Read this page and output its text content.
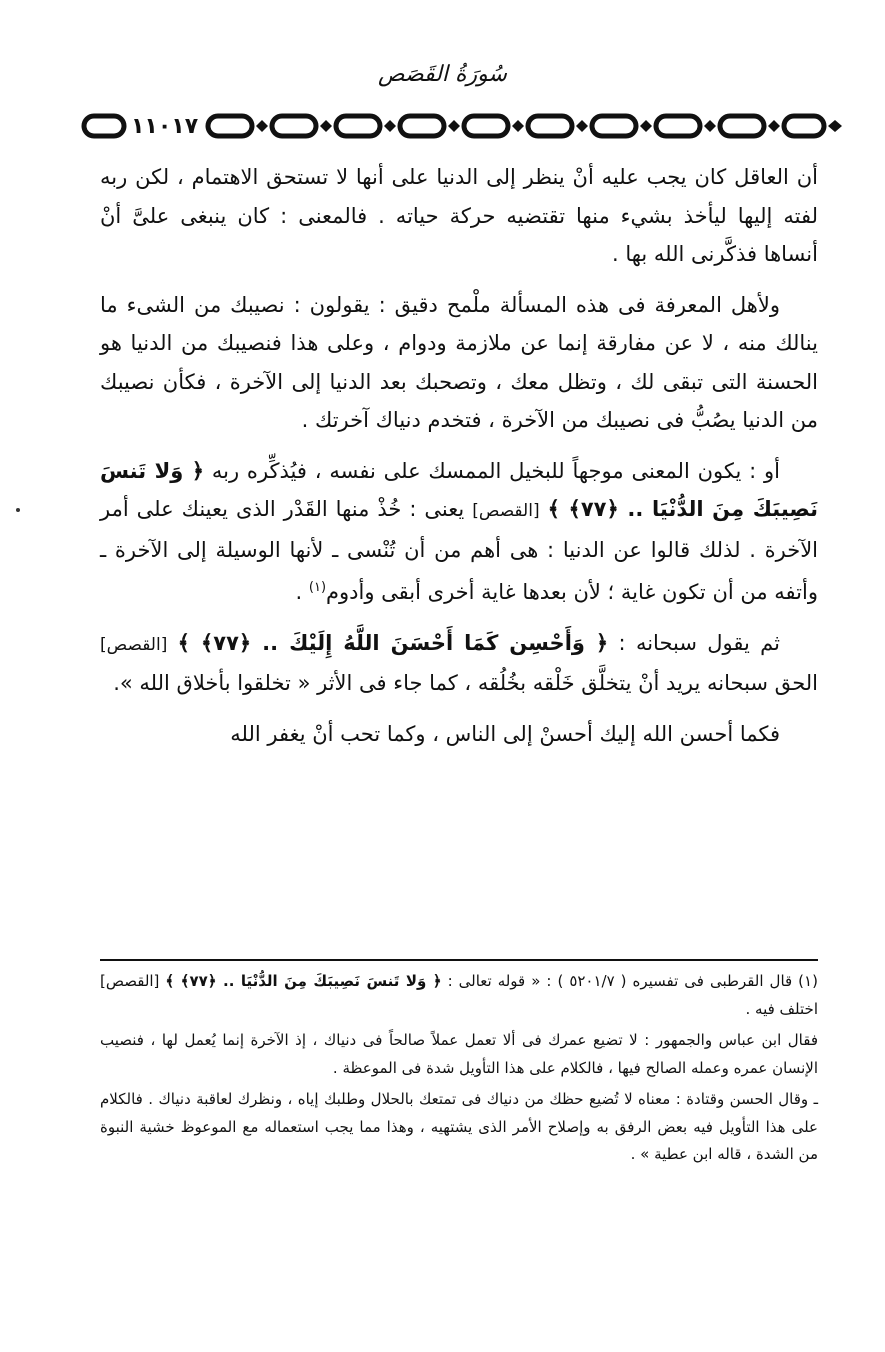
سُورَةُ القَصَص
١١٠١٧

أن العاقل كان يجب عليه أنْ ينظر إلى الدنيا على أنها لا تستحق الاهتمام ، لكن ربه لفته إليها ليأخذ بشيء منها تقتضيه حركة حياته . فالمعنى : كان ينبغى علىَّ أنْ أنساها فذكَّرنى الله بها .

ولأهل المعرفة فى هذه المسألة ملْمح دقيق : يقولون : نصيبك من الشىء ما ينالك منه ، لا عن مفارقة إنما عن ملازمة ودوام ، وعلى هذا فنصيبك من الدنيا هو الحسنة التى تبقى لك ، وتظل معك ، وتصحبك بعد الدنيا إلى الآخرة ، فكأن نصيبك من الدنيا يصُبُّ فى نصيبك من الآخرة ، فتخدم دنياك آخرتك .

أو : يكون المعنى موجهاً للبخيل الممسك على نفسه ، فيُذكِّره ربه ﴿ وَلا تَنسَ نَصِيبَكَ مِنَ الدُّنْيَا .. ﴿٧٧﴾ ﴾ [القصص] يعنى : خُذْ منها القَدْر الذى يعينك على أمر الآخرة . لذلك قالوا عن الدنيا : هى أهم من أن تُنْسى ـ لأنها الوسيلة إلى الآخرة ـ وأتفه من أن تكون غاية ؛ لأن بعدها غاية أخرى أبقى وأدوم$^{(١)}$ .

ثم يقول سبحانه : ﴿ وَأَحْسِن كَمَا أَحْسَنَ اللَّهُ إِلَيْكَ .. ﴿٧٧﴾ ﴾ [القصص] الحق سبحانه يريد أنْ يتخلَّق خَلْقه بخُلُقه ، كما جاء فى الأثر « تخلقوا بأخلاق الله ».

فكما أحسن الله إليك أحسنْ إلى الناس ، وكما تحب أنْ يغفر الله

(١) قال القرطبى فى تفسيره ( ٥٢٠١/٧ ) : « قوله تعالى : ﴿ وَلا تَنسَ نَصِيبَكَ مِنَ الدُّنْيَا .. ﴿٧٧﴾ ﴾ [القصص] اختلف فيه .

فقال ابن عباس والجمهور : لا تضيع عمرك فى ألا تعمل عملاً صالحاً فى دنياك ، إذ الآخرة إنما يُعمل لها ، فنصيب الإنسان عمره وعمله الصالح فيها ، فالكلام على هذا التأويل شدة فى الموعظة .

ـ وقال الحسن وقتادة : معناه لا تُضيع حظك من دنياك فى تمتعك بالحلال وطلبك إياه ، ونظرك لعاقبة دنياك . فالكلام على هذا التأويل فيه بعض الرفق به وإصلاح الأمر الذى يشتهيه ، وهذا مما يجب استعماله مع الموعوظ خشية النبوة من الشدة ، قاله ابن عطية » .
